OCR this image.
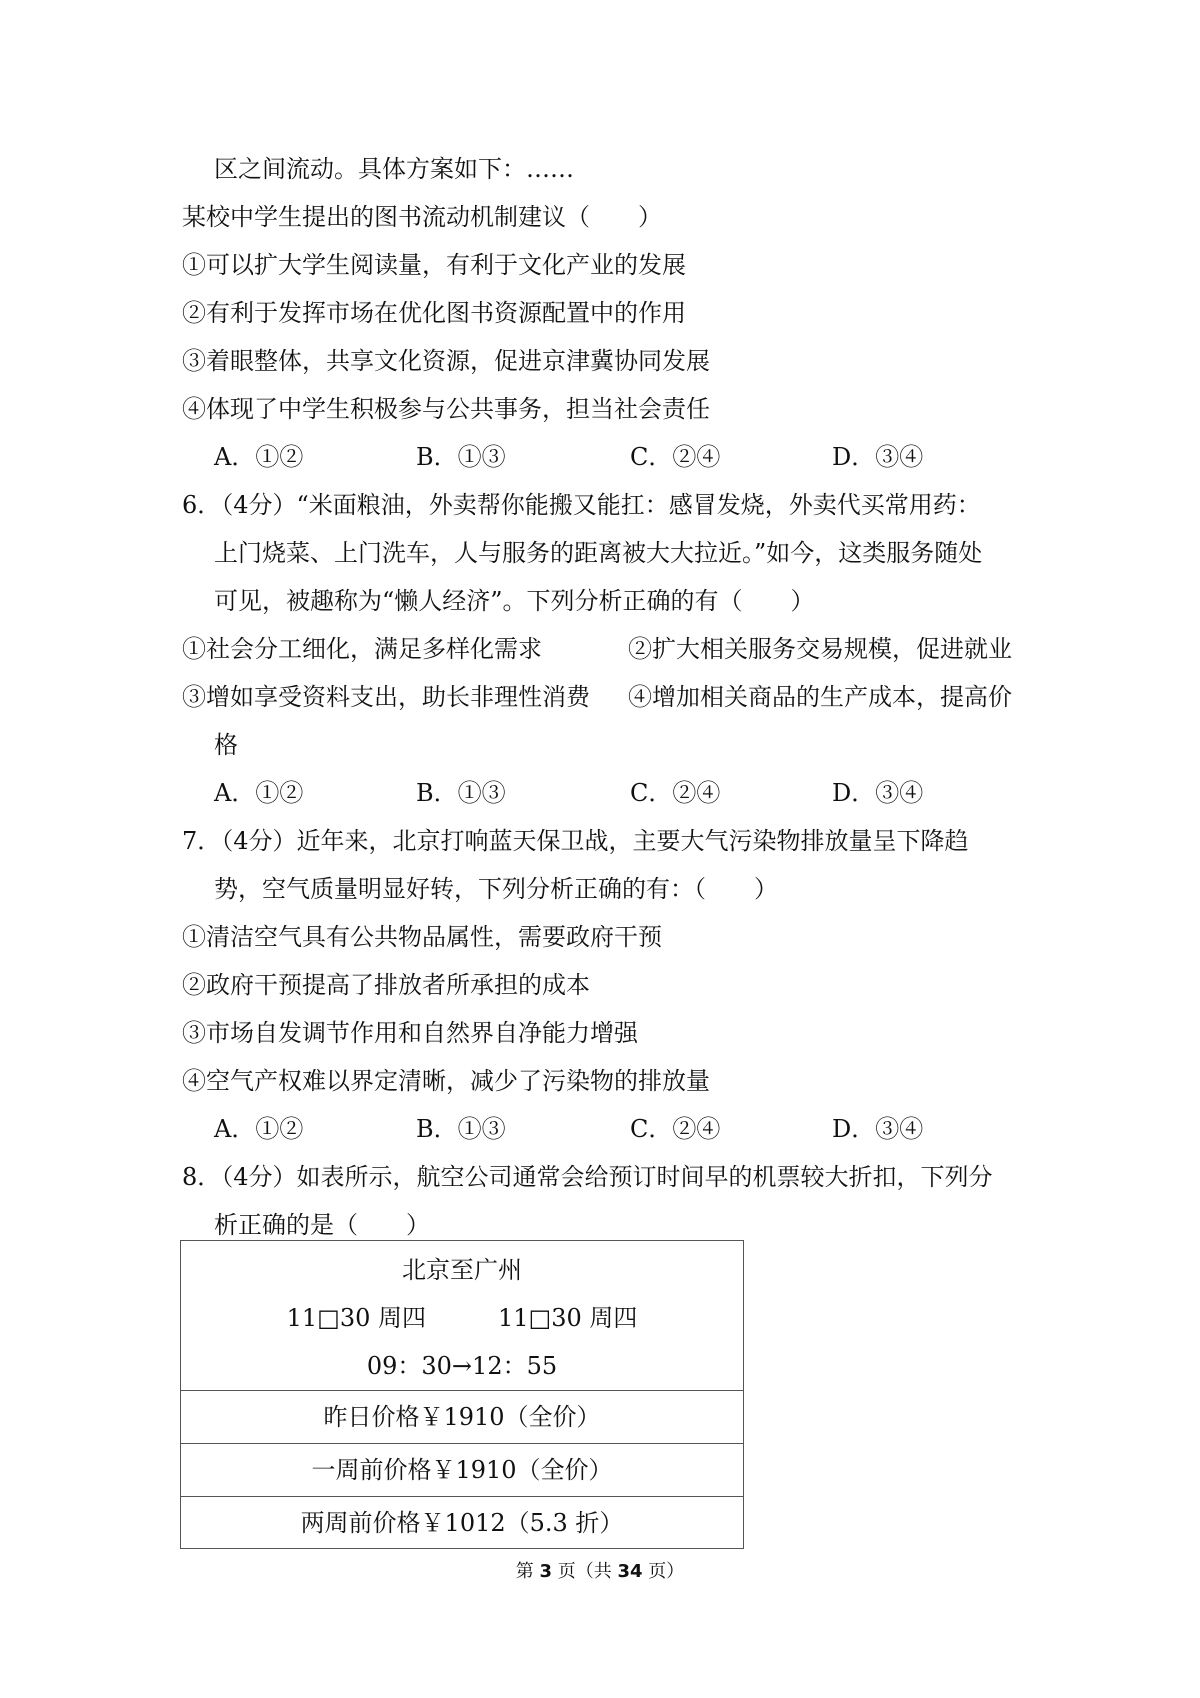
区之间流动。具体方案如下：……
某校中学生提出的图书流动机制建议（　　）
①可以扩大学生阅读量，有利于文化产业的发展
②有利于发挥市场在优化图书资源配置中的作用
③着眼整体，共享文化资源，促进京津冀协同发展
④体现了中学生积极参与公共事务，担当社会责任
A．①②	B．①③	C．②④	D．③④
6．（4分）“米面粮油，外卖帮你能搬又能扛：感冒发烧，外卖代买常用药：
上门烧菜、上门洗车，人与服务的距离被大大拉近。”如今，这类服务随处
可见，被趣称为“懒人经济”。下列分析正确的有（　　）
①社会分工细化，满足多样化需求	②扩大相关服务交易规模，促进就业
③增如享受资料支出，助长非理性消费 ④增加相关商品的生产成本，提高价
格
A．①②	B．①③	C．②④	D．③④
7．（4分）近年来，北京打响蓝天保卫战，主要大气污染物排放量呈下降趋
势，空气质量明显好转，下列分析正确的有：（　　）
①清洁空气具有公共物品属性，需要政府干预
②政府干预提高了排放者所承担的成本
③市场自发调节作用和自然界自净能力增强
④空气产权难以界定清晰，减少了污染物的排放量
A．①②	B．①③	C．②④	D．③④
8．（4分）如表所示，航空公司通常会给预订时间早的机票较大折扣，下列分
析正确的是（　　）
北京至广州
11□30 周四　　　11□30 周四
09：30→12：55
昨日价格￥1910（全价）
一周前价格￥1910（全价）
两周前价格￥1012（5.3 折）
第 3 页（共 34 页）
